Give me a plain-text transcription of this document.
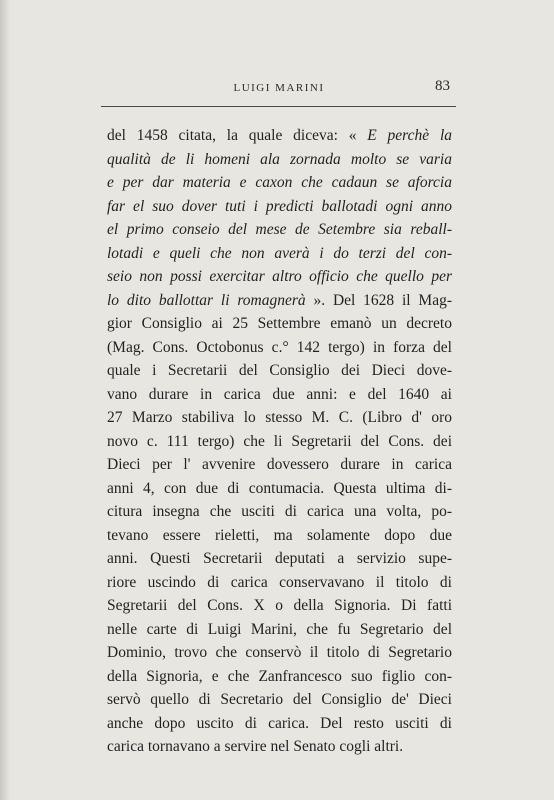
LUIGI MARINI	83
del 1458 citata, la quale diceva: « E perchè la
qualità de li homeni ala zornada molto se varia
e per dar materia e caxon che cadaun se aforcia
far el suo dover tuti i predicti ballotadi ogni anno
el primo conseio del mese de Setembre sia reball-
lotadi e queli che non averà i do terzi del con-
seio non possi exercitar altro officio che quello per
lo dito ballottar li romagnerà ». Del 1628 il Mag-
gior Consiglio ai 25 Settembre emanò un decreto
(Mag. Cons. Octobonus c.° 142 tergo) in forza del
quale i Secretarii del Consiglio dei Dieci dove-
vano durare in carica due anni: e del 1640 ai
27 Marzo stabiliva lo stesso M. C. (Libro d' oro
novo c. 111 tergo) che li Segretarii del Cons. dei
Dieci per l' avvenire dovessero durare in carica
anni 4, con due di contumacia. Questa ultima di-
citura insegna che usciti di carica una volta, po-
tevano essere rieletti, ma solamente dopo due
anni. Questi Secretarii deputati a servizio supe-
riore uscindo di carica conservavano il titolo di
Segretarii del Cons. X o della Signoria. Di fatti
nelle carte di Luigi Marini, che fu Segretario del
Dominio, trovo che conservò il titolo di Segretario
della Signoria, e che Zanfrancesco suo figlio con-
servò quello di Secretario del Consiglio de' Dieci
anche dopo uscito di carica. Del resto usciti di
carica tornavano a servire nel Senato cogli altri.
